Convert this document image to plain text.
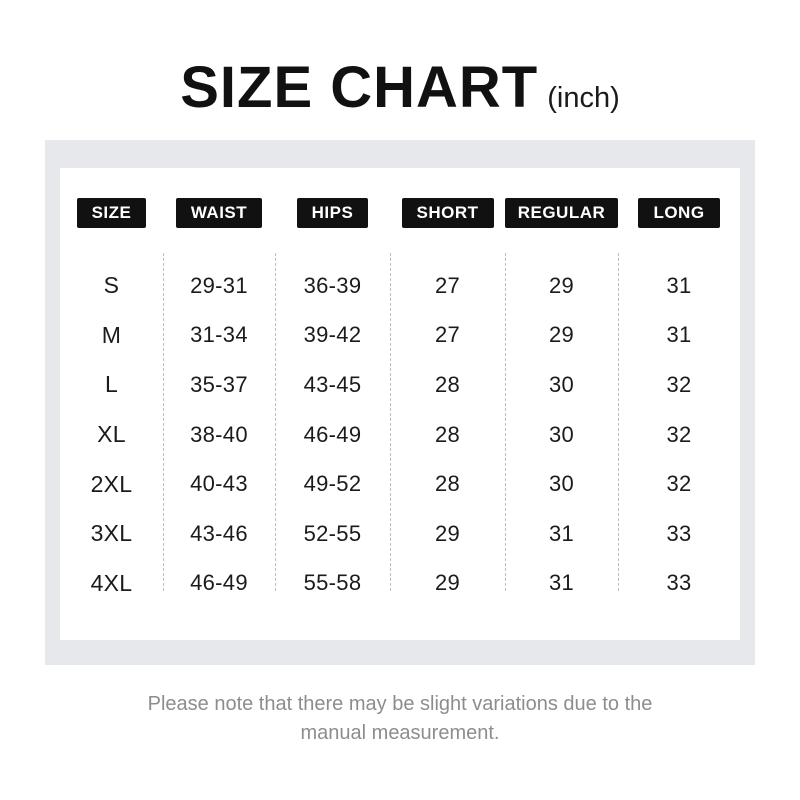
SIZE CHART (inch)
SIZE	WAIST	HIPS	SHORT	REGULAR	LONG
S	29-31	36-39	27	29	31
M	31-34	39-42	27	29	31
L	35-37	43-45	28	30	32
XL	38-40	46-49	28	30	32
2XL	40-43	49-52	28	30	32
3XL	43-46	52-55	29	31	33
4XL	46-49	55-58	29	31	33
Please note that there may be slight variations due to the
manual measurement.
